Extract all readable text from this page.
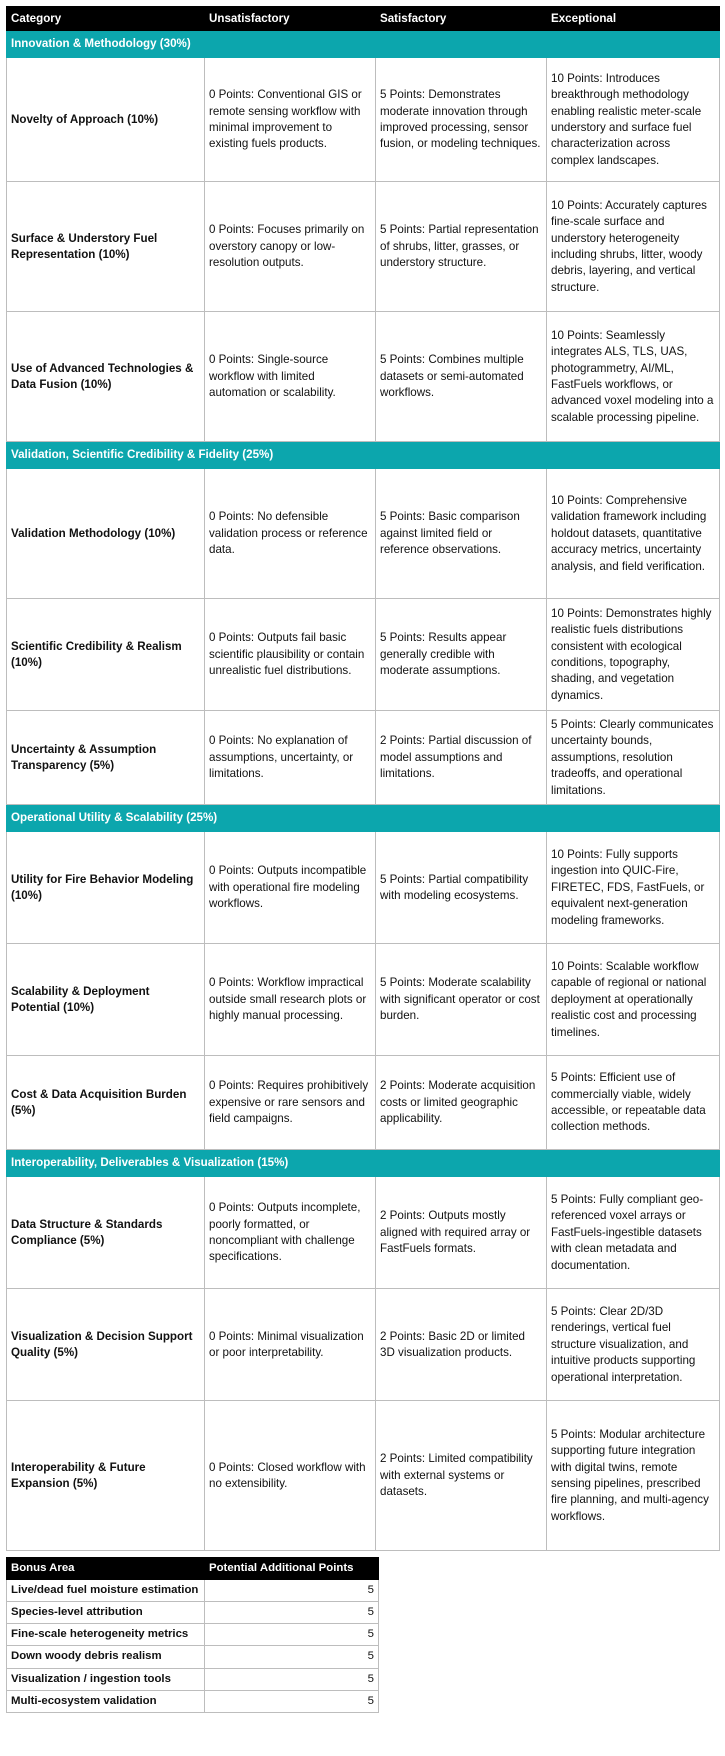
Category	Unsatisfactory	Satisfactory	Exceptional
Innovation & Methodology (30%)			
Novelty of Approach (10%)	0 Points: Conventional GIS or remote sensing workflow with minimal improvement to existing fuels products.	5 Points: Demonstrates moderate innovation through improved processing, sensor fusion, or modeling techniques.	10 Points: Introduces breakthrough methodology enabling realistic meter-scale understory and surface fuel characterization across complex landscapes.
Surface & Understory Fuel Representation (10%)	0 Points: Focuses primarily on overstory canopy or low-resolution outputs.	5 Points: Partial representation of shrubs, litter, grasses, or understory structure.	10 Points: Accurately captures fine-scale surface and understory heterogeneity including shrubs, litter, woody debris, layering, and vertical structure.
Use of Advanced Technologies & Data Fusion (10%)	0 Points: Single-source workflow with limited automation or scalability.	5 Points: Combines multiple datasets or semi-automated workflows.	10 Points: Seamlessly integrates ALS, TLS, UAS, photogrammetry, AI/ML, FastFuels workflows, or advanced voxel modeling into a scalable processing pipeline.
Validation, Scientific Credibility & Fidelity (25%)			
Validation Methodology (10%)	0 Points: No defensible validation process or reference data.	5 Points: Basic comparison against limited field or reference observations.	10 Points: Comprehensive validation framework including holdout datasets, quantitative accuracy metrics, uncertainty analysis, and field verification.
Scientific Credibility & Realism (10%)	0 Points: Outputs fail basic scientific plausibility or contain unrealistic fuel distributions.	5 Points: Results appear generally credible with moderate assumptions.	10 Points: Demonstrates highly realistic fuels distributions consistent with ecological conditions, topography, shading, and vegetation dynamics.
Uncertainty & Assumption Transparency (5%)	0 Points: No explanation of assumptions, uncertainty, or limitations.	2 Points: Partial discussion of model assumptions and limitations.	5 Points: Clearly communicates uncertainty bounds, assumptions, resolution tradeoffs, and operational limitations.
Operational Utility & Scalability (25%)			
Utility for Fire Behavior Modeling (10%)	0 Points: Outputs incompatible with operational fire modeling workflows.	5 Points: Partial compatibility with modeling ecosystems.	10 Points: Fully supports ingestion into QUIC-Fire, FIRETEC, FDS, FastFuels, or equivalent next-generation modeling frameworks.
Scalability & Deployment Potential (10%)	0 Points: Workflow impractical outside small research plots or highly manual processing.	5 Points: Moderate scalability with significant operator or cost burden.	10 Points: Scalable workflow capable of regional or national deployment at operationally realistic cost and processing timelines.
Cost & Data Acquisition Burden (5%)	0 Points: Requires prohibitively expensive or rare sensors and field campaigns.	2 Points: Moderate acquisition costs or limited geographic applicability.	5 Points: Efficient use of commercially viable, widely accessible, or repeatable data collection methods.
Interoperability, Deliverables & Visualization (15%)			
Data Structure & Standards Compliance (5%)	0 Points: Outputs incomplete, poorly formatted, or noncompliant with challenge specifications.	2 Points: Outputs mostly aligned with required array or FastFuels formats.	5 Points: Fully compliant geo-referenced voxel arrays or FastFuels-ingestible datasets with clean metadata and documentation.
Visualization & Decision Support Quality (5%)	0 Points: Minimal visualization or poor interpretability.	2 Points: Basic 2D or limited 3D visualization products.	5 Points: Clear 2D/3D renderings, vertical fuel structure visualization, and intuitive products supporting operational interpretation.
Interoperability & Future Expansion (5%)	0 Points: Closed workflow with no extensibility.	2 Points: Limited compatibility with external systems or datasets.	5 Points: Modular architecture supporting future integration with digital twins, remote sensing pipelines, prescribed fire planning, and multi-agency workflows.
Bonus Area	Potential Additional Points
Live/dead fuel moisture estimation	5
Species-level attribution	5
Fine-scale heterogeneity metrics	5
Down woody debris realism	5
Visualization / ingestion tools	5
Multi-ecosystem validation	5
